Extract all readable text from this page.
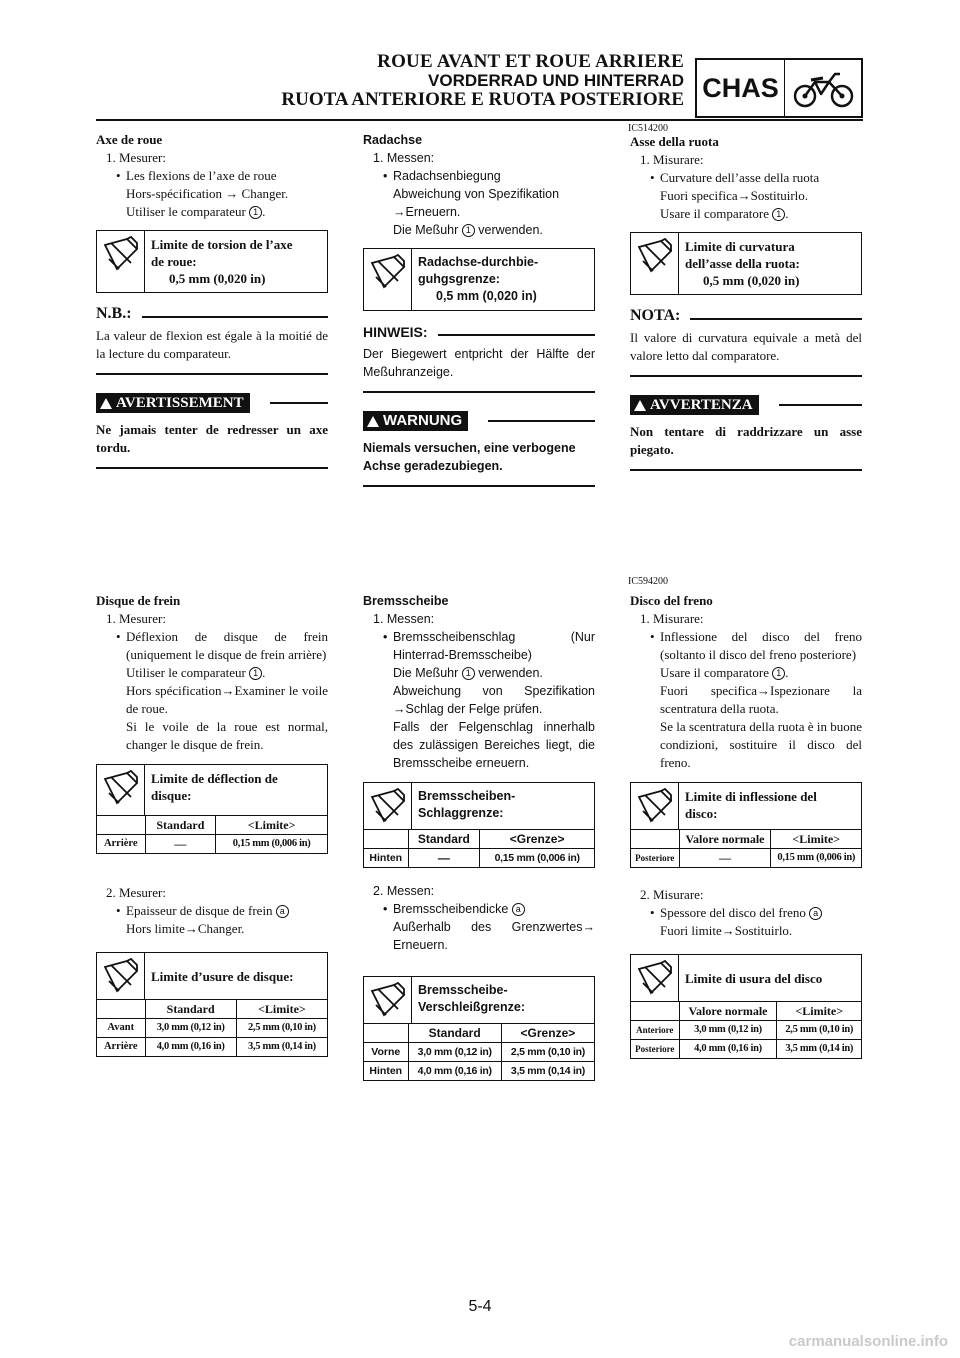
ROUE AVANT ET ROUE ARRIERE
VORDERRAD UND HINTERRAD
RUOTA ANTERIORE E RUOTA POSTERIORE CHAS
IC514200
IC594200
Axe de roue
1. Mesurer:
• Les flexions de l’axe de roue
Hors-spécification → Changer.
Utiliser le comparateur 1 .
Limite de torsion de l’axe
de roue:
0,5 mm (0,020 in)
N.B.:
La valeur de flexion est égale à la moitié de la lecture du comparateur.
AVERTISSEMENT
Ne jamais tenter de redresser un axe tordu.
Radachse
1. Messen:
• Radachsenbiegung
Abweichung von Spezifikation →Erneuern.
Die Meßuhr 1 verwenden.
Radachse-durchbie-
guhgsgrenze:
0,5 mm (0,020 in)
HINWEIS:
Der Biegewert entpricht der Hälfte der Meßuhranzeige.
WARNUNG
Niemals versuchen, eine verbogene Achse geradezubiegen.
Asse della ruota
1. Misurare:
• Curvature dell’asse della ruota
Fuori specifica→Sostituirlo.
Usare il comparatore 1 .
Limite di curvatura
dell’asse della ruota:
0,5 mm (0,020 in)
NOTA:
Il valore di curvatura equivale a metà del valore letto dal comparatore.
AVVERTENZA
Non tentare di raddrizzare un asse piegato.
Disque de frein
1. Mesurer:
• Déflexion de disque de frein (uniquement le disque de frein arrière)
Utiliser le comparateur 1 .
Hors spécification→Examiner le voile de roue.
Si le voile de la roue est normal, changer le disque de frein.
Limite de déflection de
disque:
	Standard	<Limite>
Arrière	—	0,15 mm (0,006 in)
2. Mesurer:
• Epaisseur de disque de frein a
Hors limite→Changer.
Limite d’usure de disque:
	Standard	<Limite>
Avant	3,0 mm (0,12 in)	2,5 mm (0,10 in)
Arrière	4,0 mm (0,16 in)	3,5 mm (0,14 in)
Bremsscheibe
1. Messen:
• Bremsscheibenschlag (Nur Hinterrad-Bremsscheibe)
Die Meßuhr 1 verwenden.
Abweichung von Spezifikation →Schlag der Felge prüfen.
Falls der Felgenschlag innerhalb des zulässigen Bereiches liegt, die Bremsscheibe erneuern.
Bremsscheiben-
Schlaggrenze:
	Standard	<Grenze>
Hinten	—	0,15 mm (0,006 in)
2. Messen:
• Bremsscheibendicke a
Außerhalb des Grenzwertes→ Erneuern.
Bremsscheibe-
Verschleißgrenze:
	Standard	<Grenze>
Vorne	3,0 mm (0,12 in)	2,5 mm (0,10 in)
Hinten	4,0 mm (0,16 in)	3,5 mm (0,14 in)
Disco del freno
1. Misurare:
• Inflessione del disco del freno (soltanto il disco del freno posteriore)
Usare il comparatore 1 .
Fuori specifica→Ispezionare la scentratura della ruota.
Se la scentratura della ruota è in buone condizioni, sostituire il disco del freno.
Limite di inflessione del
disco:
	Valore normale	<Limite>
Posteriore	—	0,15 mm (0,006 in)
2. Misurare:
• Spessore del disco del freno a
Fuori limite→Sostituirlo.
Limite di usura del disco
	Valore normale	<Limite>
Anteriore	3,0 mm (0,12 in)	2,5 mm (0,10 in)
Posteriore	4,0 mm (0,16 in)	3,5 mm (0,14 in)
5-4
carmanualsonline.info
